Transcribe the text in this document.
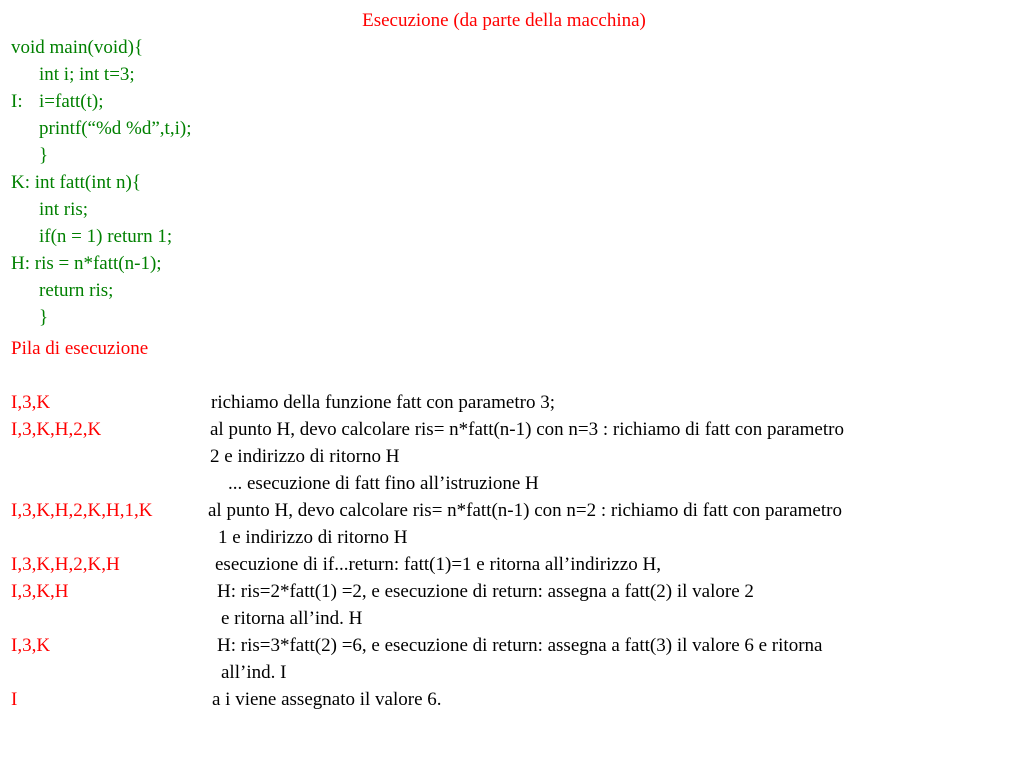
Esecuzione (da parte della macchina)
void main(void){
int i; int t=3;
I: i=fatt(t);
printf(“%d %d”,t,i);
}
K: int fatt(int n){
int ris;
if(n = 1) return 1;
H: ris = n*fatt(n-1);
return ris;
}
Pila di esecuzione
I,3,K	richiamo della funzione fatt con parametro 3;
I,3,K,H,2,K	al punto H, devo calcolare ris= n*fatt(n-1) con n=3 : richiamo di fatt con parametro
2 e indirizzo di ritorno H
... esecuzione di fatt fino all’istruzione H
I,3,K,H,2,K,H,1,K	al punto H, devo calcolare ris= n*fatt(n-1) con n=2 : richiamo di fatt con parametro
1 e indirizzo di ritorno H
I,3,K,H,2,K,H	esecuzione di if...return: fatt(1)=1 e ritorna all’indirizzo H,
I,3,K,H	H: ris=2*fatt(1) =2, e esecuzione di return: assegna a fatt(2) il valore 2
e ritorna all’ind. H
I,3,K	H: ris=3*fatt(2) =6, e esecuzione di return: assegna a fatt(3) il valore 6 e ritorna
all’ind. I
I	a i viene assegnato il valore 6.
